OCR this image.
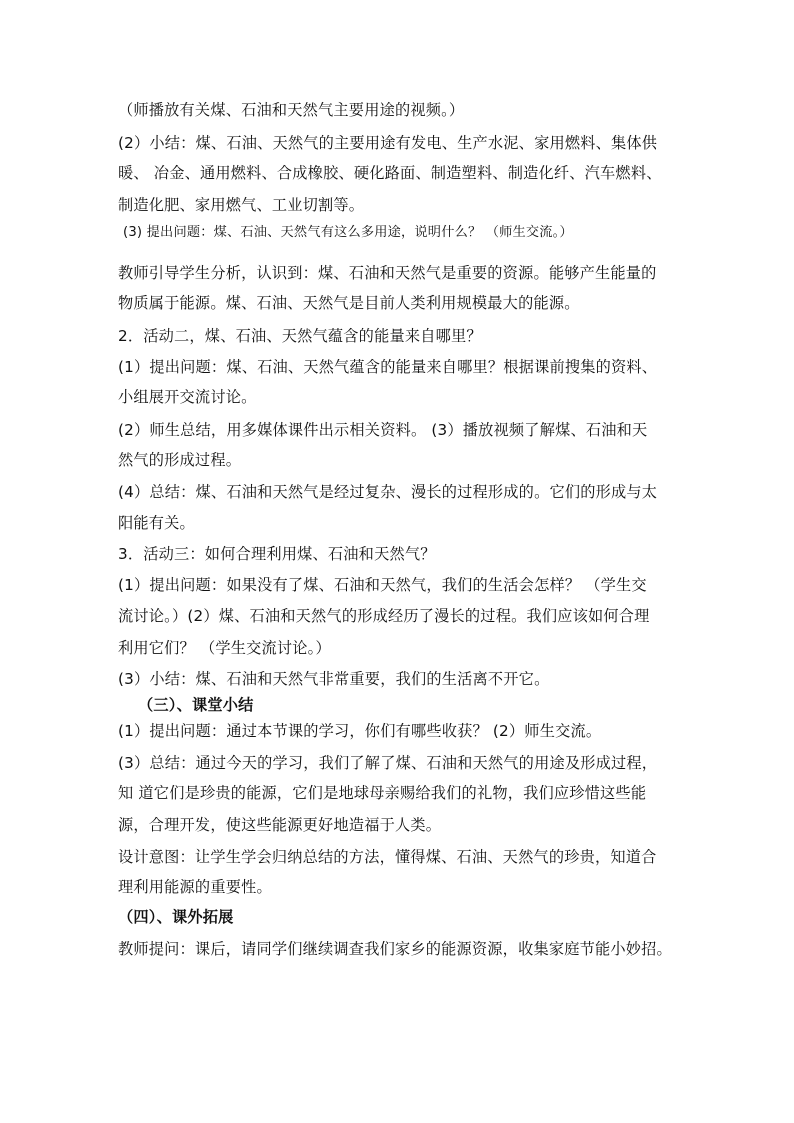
（师播放有关煤、石油和天然气主要用途的视频。）
(2）小结：煤、石油、天然气的主要用途有发电、生产水泥、家用燃料、集体供
暖、 冶金、通用燃料、合成橡胶、硬化路面、制造塑料、制造化纤、汽车燃料、
制造化肥、家用燃气、工业切割等。
(3) 提出问题：煤、石油、天然气有这么多用途，说明什么？ （师生交流。）
教师引导学生分析，认识到：煤、石油和天然气是重要的资源。能够产生能量的
物质属于能源。煤、石油、天然气是目前人类利用规模最大的能源。
2．活动二，煤、石油、天然气蕴含的能量来自哪里？
(1）提出问题：煤、石油、天然气蕴含的能量来自哪里？根据课前搜集的资料、
小组展开交流讨论。
(2）师生总结，用多媒体课件出示相关资料。 (3）播放视频了解煤、石油和天
然气的形成过程。
(4）总结：煤、石油和天然气是经过复杂、漫长的过程形成的。它们的形成与太
阳能有关。
3．活动三：如何合理利用煤、石油和天然气？
(1）提出问题：如果没有了煤、石油和天然气，我们的生活会怎样？ （学生交
流讨论。）(2）煤、石油和天然气的形成经历了漫长的过程。我们应该如何合理
利用它们？ （学生交流讨论。）
(3）小结：煤、石油和天然气非常重要，我们的生活离不开它。
（三）、课堂小结
(1）提出问题：通过本节课的学习，你们有哪些收获？ (2）师生交流。
(3）总结：通过今天的学习，我们了解了煤、石油和天然气的用途及形成过程，
知 道它们是珍贵的能源，它们是地球母亲赐给我们的礼物，我们应珍惜这些能
源，合理开发，使这些能源更好地造福于人类。
设计意图：让学生学会归纳总结的方法，懂得煤、石油、天然气的珍贵，知道合
理利用能源的重要性。
（四）、课外拓展
教师提问：课后，请同学们继续调查我们家乡的能源资源，收集家庭节能小妙招。
